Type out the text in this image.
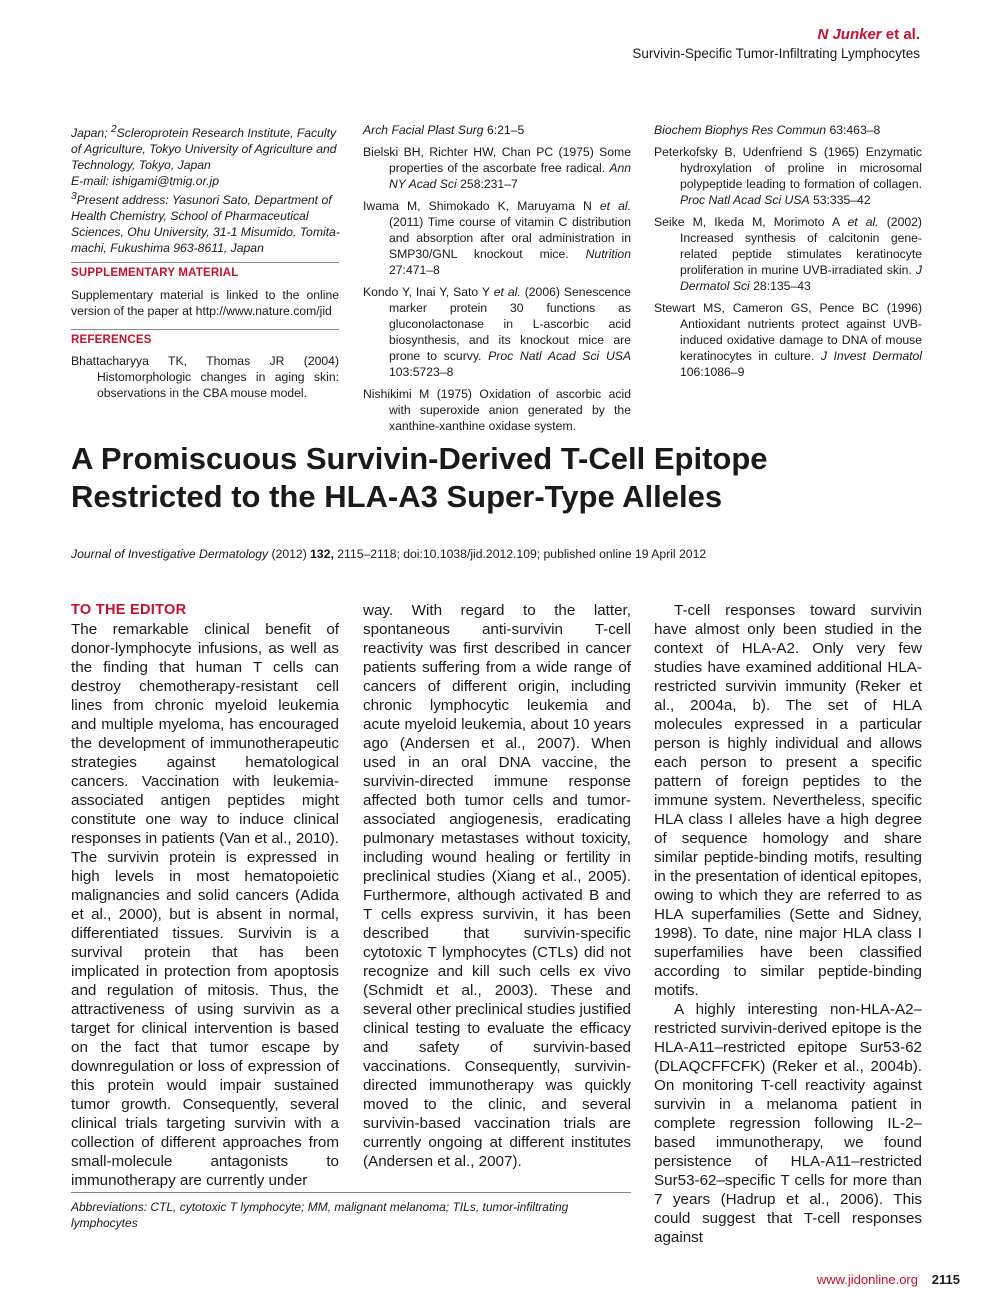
N Junker et al.
Survivin-Specific Tumor-Infiltrating Lymphocytes
Japan; $^2$Scleroprotein Research Institute, Faculty of Agriculture, Tokyo University of Agriculture and Technology, Tokyo, Japan
E-mail: ishigami@tmig.or.jp
$^3$Present address: Yasunori Sato, Department of Health Chemistry, School of Pharmaceutical Sciences, Ohu University, 31-1 Misumido, Tomita-machi, Fukushima 963-8611, Japan
SUPPLEMENTARY MATERIAL
Supplementary material is linked to the online version of the paper at http://www.nature.com/jid
REFERENCES
Bhattacharyya TK, Thomas JR (2004) Histomorphologic changes in aging skin: observations in the CBA mouse model.
Arch Facial Plast Surg 6:21–5
Bielski BH, Richter HW, Chan PC (1975) Some properties of the ascorbate free radical. Ann NY Acad Sci 258:231–7
Iwama M, Shimokado K, Maruyama N et al. (2011) Time course of vitamin C distribution and absorption after oral administration in SMP30/GNL knockout mice. Nutrition 27:471–8
Kondo Y, Inai Y, Sato Y et al. (2006) Senescence marker protein 30 functions as gluconolactonase in L-ascorbic acid biosynthesis, and its knockout mice are prone to scurvy. Proc Natl Acad Sci USA 103:5723–8
Nishikimi M (1975) Oxidation of ascorbic acid with superoxide anion generated by the xanthine-xanthine oxidase system.
Biochem Biophys Res Commun 63:463–8
Peterkofsky B, Udenfriend S (1965) Enzymatic hydroxylation of proline in microsomal polypeptide leading to formation of collagen. Proc Natl Acad Sci USA 53:335–42
Seike M, Ikeda M, Morimoto A et al. (2002) Increased synthesis of calcitonin gene-related peptide stimulates keratinocyte proliferation in murine UVB-irradiated skin. J Dermatol Sci 28:135–43
Stewart MS, Cameron GS, Pence BC (1996) Antioxidant nutrients protect against UVB-induced oxidative damage to DNA of mouse keratinocytes in culture. J Invest Dermatol 106:1086–9
A Promiscuous Survivin-Derived T-Cell Epitope
Restricted to the HLA-A3 Super-Type Alleles
Journal of Investigative Dermatology (2012) 132, 2115–2118; doi:10.1038/jid.2012.109; published online 19 April 2012
TO THE EDITOR

The remarkable clinical benefit of donor-lymphocyte infusions, as well as the finding that human T cells can destroy chemotherapy-resistant cell lines from chronic myeloid leukemia and multiple myeloma, has encouraged the development of immunotherapeutic strategies against hematological cancers. Vaccination with leukemia-associated antigen peptides might constitute one way to induce clinical responses in patients (Van et al., 2010). The survivin protein is expressed in high levels in most hematopoietic malignancies and solid cancers (Adida et al., 2000), but is absent in normal, differentiated tissues. Survivin is a survival protein that has been implicated in protection from apoptosis and regulation of mitosis. Thus, the attractiveness of using survivin as a target for clinical intervention is based on the fact that tumor escape by downregulation or loss of expression of this protein would impair sustained tumor growth. Consequently, several clinical trials targeting survivin with a collection of different approaches from small-molecule antagonists to immunotherapy are currently under

way. With regard to the latter, spontaneous anti-survivin T-cell reactivity was first described in cancer patients suffering from a wide range of cancers of different origin, including chronic lymphocytic leukemia and acute myeloid leukemia, about 10 years ago (Andersen et al., 2007). When used in an oral DNA vaccine, the survivin-directed immune response affected both tumor cells and tumor-associated angiogenesis, eradicating pulmonary metastases without toxicity, including wound healing or fertility in preclinical studies (Xiang et al., 2005). Furthermore, although activated B and T cells express survivin, it has been described that survivin-specific cytotoxic T lymphocytes (CTLs) did not recognize and kill such cells ex vivo (Schmidt et al., 2003). These and several other preclinical studies justified clinical testing to evaluate the efficacy and safety of survivin-based vaccinations. Consequently, survivin-directed immunotherapy was quickly moved to the clinic, and several survivin-based vaccination trials are currently ongoing at different institutes (Andersen et al., 2007).

T-cell responses toward survivin have almost only been studied in the context of HLA-A2. Only very few studies have examined additional HLA-restricted survivin immunity (Reker et al., 2004a, b). The set of HLA molecules expressed in a particular person is highly individual and allows each person to present a specific pattern of foreign peptides to the immune system. Nevertheless, specific HLA class I alleles have a high degree of sequence homology and share similar peptide-binding motifs, resulting in the presentation of identical epitopes, owing to which they are referred to as HLA superfamilies (Sette and Sidney, 1998). To date, nine major HLA class I superfamilies have been classified according to similar peptide-binding motifs.

A highly interesting non-HLA-A2–restricted survivin-derived epitope is the HLA-A11–restricted epitope Sur53-62 (DLAQCFFCFK) (Reker et al., 2004b). On monitoring T-cell reactivity against survivin in a melanoma patient in complete regression following IL-2–based immunotherapy, we found persistence of HLA-A11–restricted Sur53-62–specific T cells for more than 7 years (Hadrup et al., 2006). This could suggest that T-cell responses against

Abbreviations: CTL, cytotoxic T lymphocyte; MM, malignant melanoma; TILs, tumor-infiltrating lymphocytes
www.jidonline.org 2115
